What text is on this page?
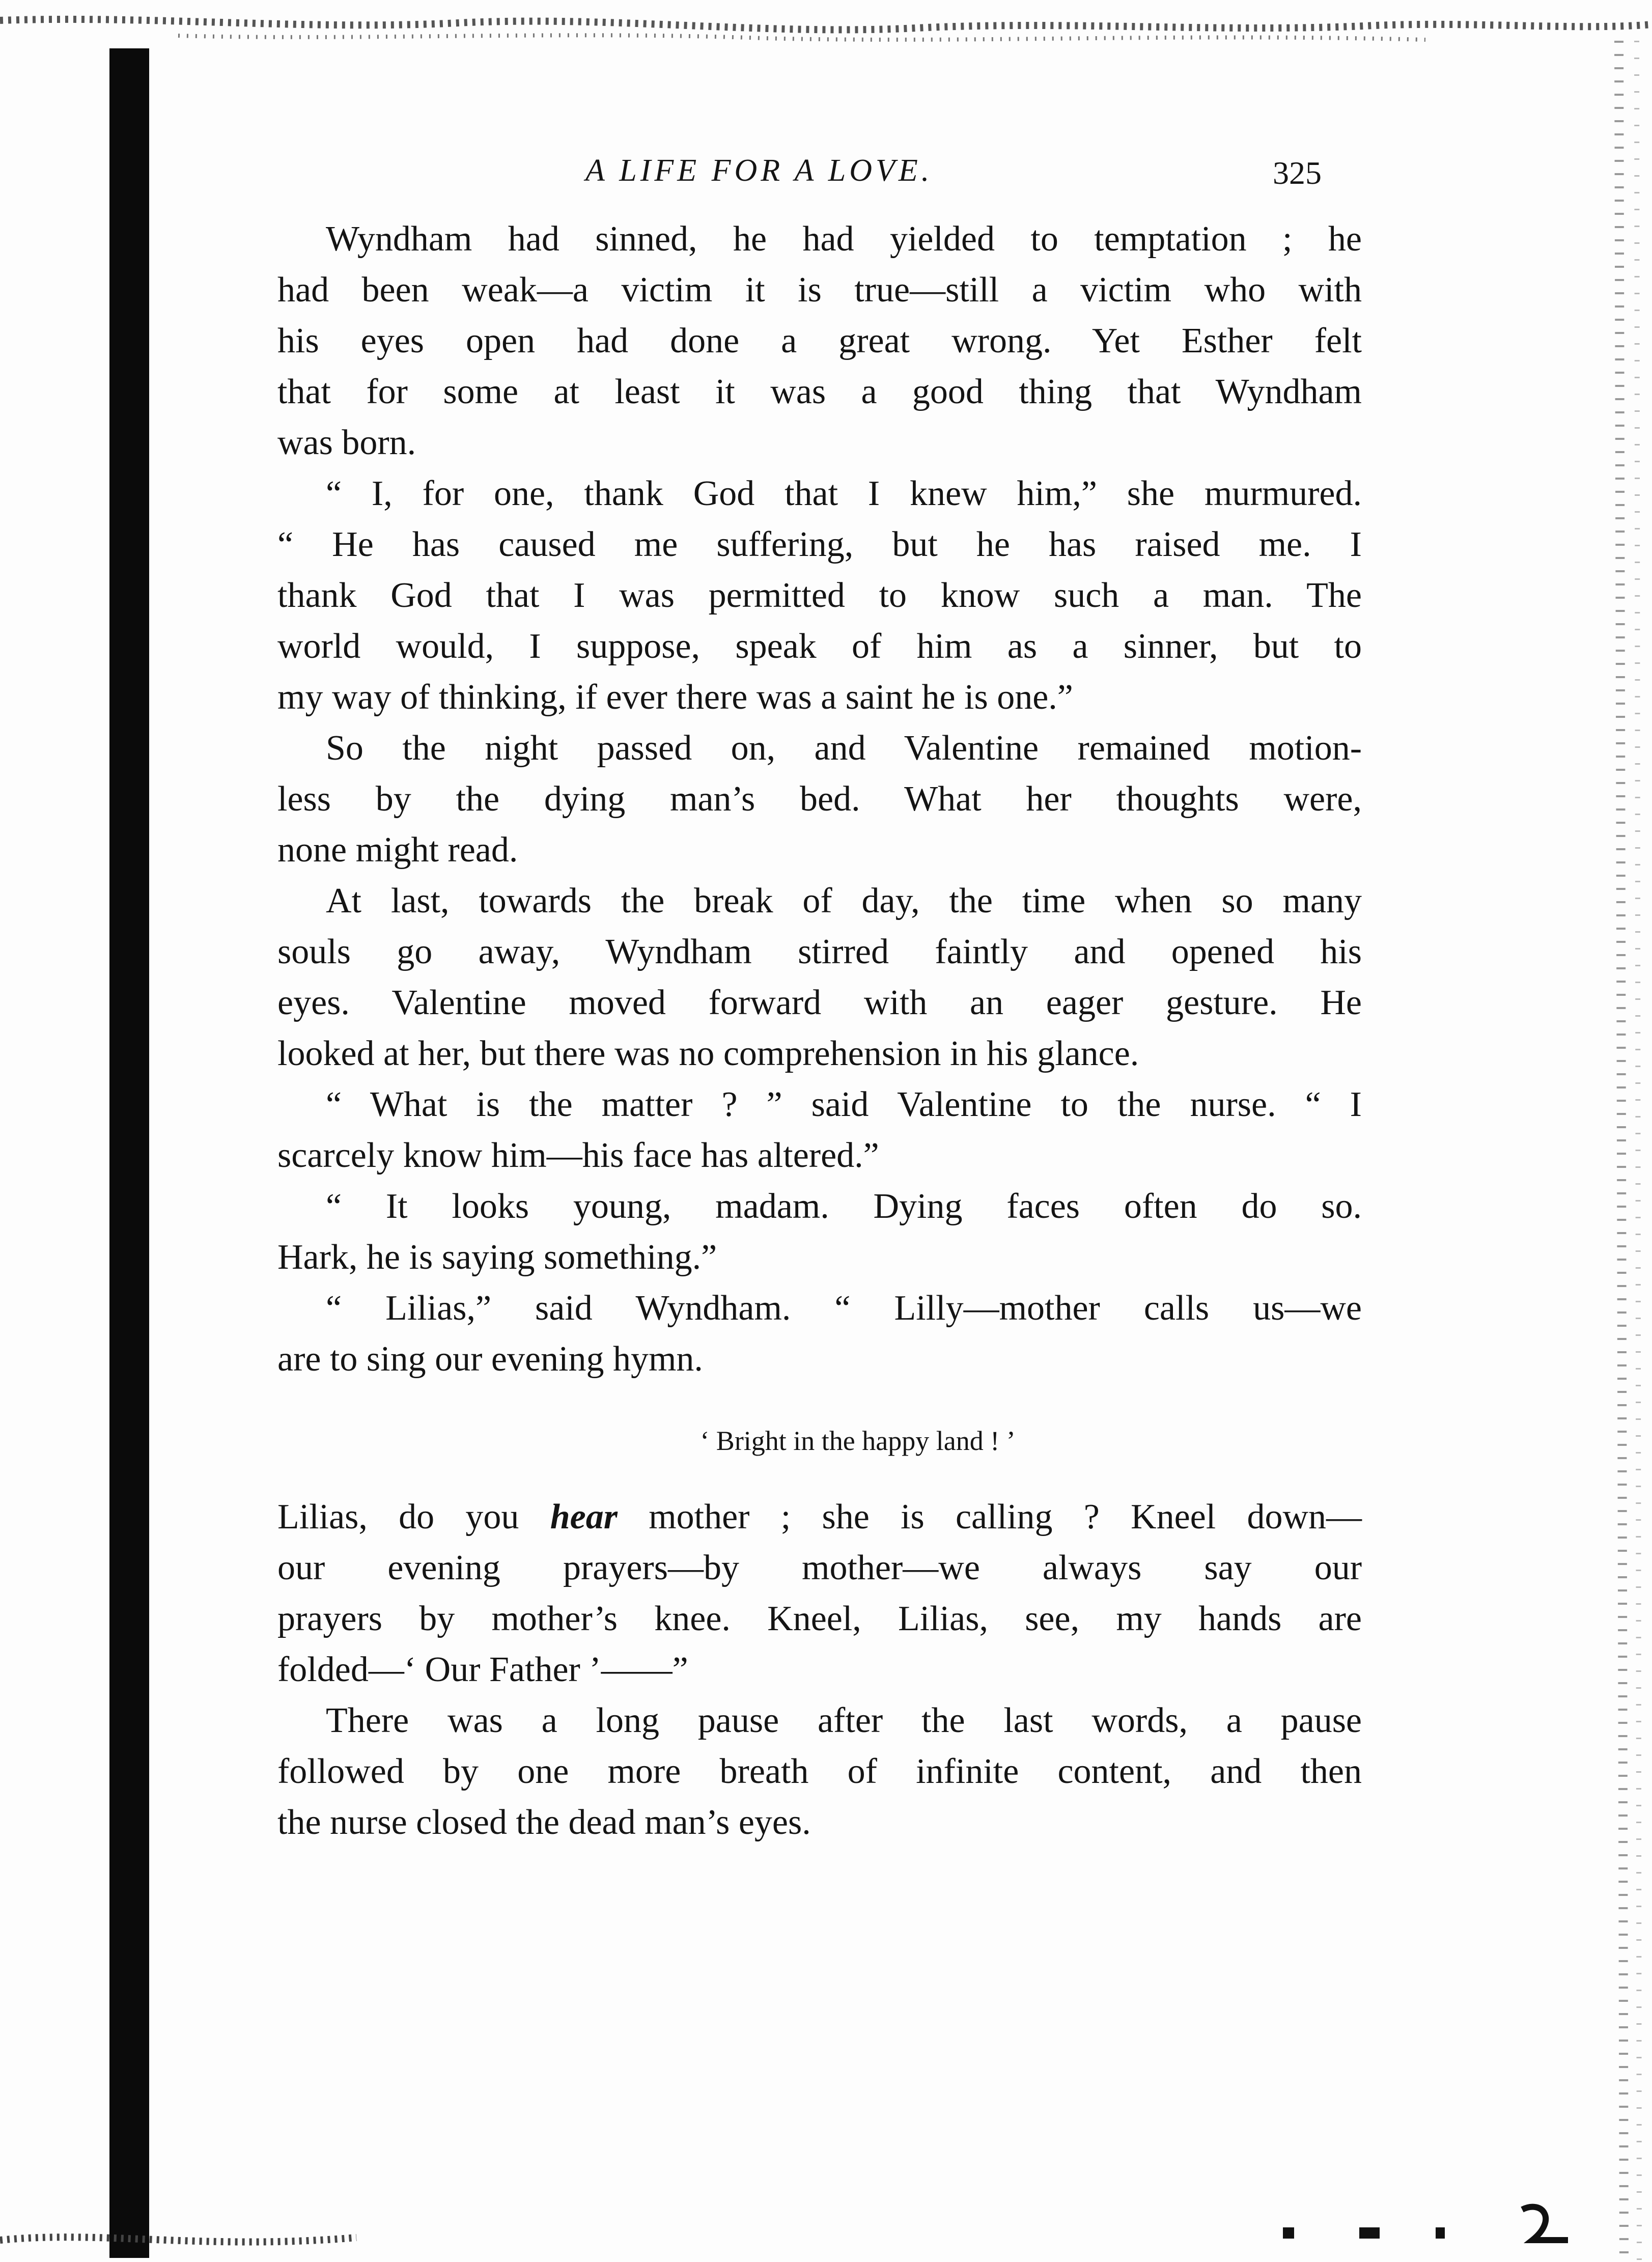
A LIFE FOR A LOVE.	325
Wyndham had sinned, he had yielded to temptation ; he
had been weak—a victim it is true—still a victim who with
his eyes open had done a great wrong. Yet Esther felt
that for some at least it was a good thing that Wyndham
was born.
“ I, for one, thank God that I knew him,” she murmured.
“ He has caused me suffering, but he has raised me. I
thank God that I was permitted to know such a man. The
world would, I suppose, speak of him as a sinner, but to
my way of thinking, if ever there was a saint he is one.”
So the night passed on, and Valentine remained motion-
less by the dying man’s bed. What her thoughts were,
none might read.
At last, towards the break of day, the time when so many
souls go away, Wyndham stirred faintly and opened his
eyes. Valentine moved forward with an eager gesture. He
looked at her, but there was no comprehension in his glance.
“ What is the matter ? ” said Valentine to the nurse. “ I
scarcely know him—his face has altered.”
“ It looks young, madam. Dying faces often do so.
Hark, he is saying something.”
“ Lilias,” said Wyndham. “ Lilly—mother calls us—we
are to sing our evening hymn.
‘ Bright in the happy land ! ’
Lilias, do you hear mother ; she is calling ? Kneel down—
our evening prayers—by mother—we always say our
prayers by mother’s knee. Kneel, Lilias, see, my hands are
folded—‘ Our Father ’——”
There was a long pause after the last words, a pause
followed by one more breath of infinite content, and then
the nurse closed the dead man’s eyes.
